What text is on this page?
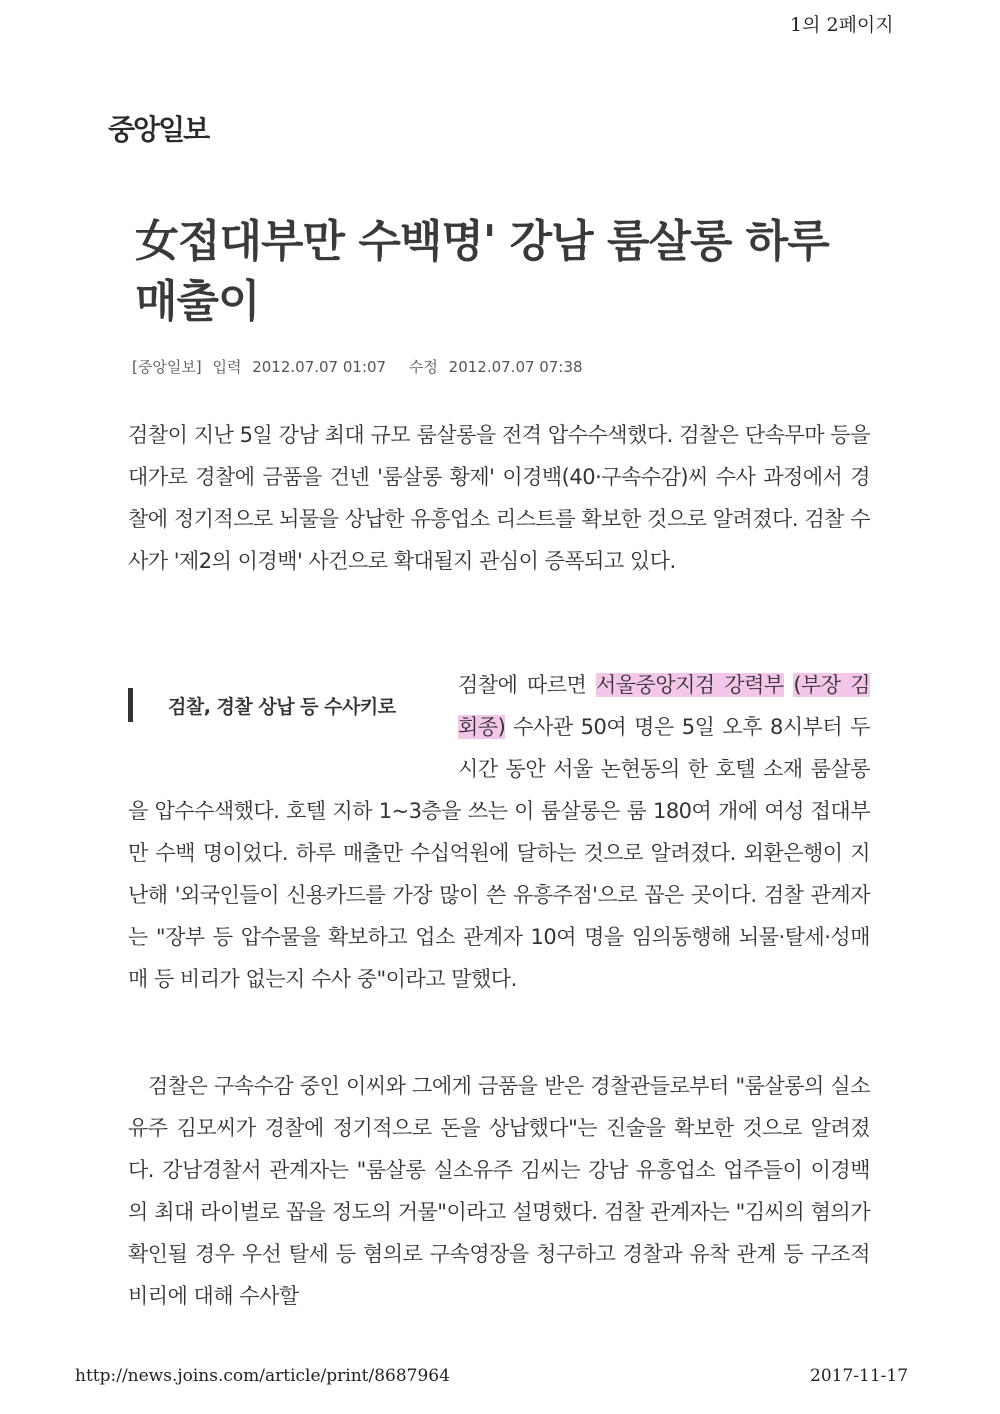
1의 2페이지
중앙일보
女접대부만 수백명' 강남 룸살롱 하루 매출이
[중앙일보] 입력 2012.07.07 01:07 수정 2012.07.07 07:38

검찰이 지난 5일 강남 최대 규모 룸살롱을 전격 압수수색했다. 검찰은 단속무마 등을 대가로 경찰에 금품을 건넨 '룸살롱 황제' 이경백(40·구속수감)씨 수사 과정에서 경찰에 정기적으로 뇌물을 상납한 유흥업소 리스트를 확보한 것으로 알려졌다. 검찰 수사가 '제2의 이경백' 사건으로 확대될지 관심이 증폭되고 있다.

검찰, 경찰 상납 등 수사키로
검찰에 따르면 서울중앙지검 강력부 (부장 김회종) 수사관 50여 명은 5일 오후 8시부터 두 시간 동안 서울 논현동의 한 호텔 소재 룸살롱을 압수수색했다. 호텔 지하 1~3층을 쓰는 이 룸살롱은 룸 180여 개에 여성 접대부만 수백 명이었다. 하루 매출만 수십억원에 달하는 것으로 알려졌다. 외환은행이 지난해 '외국인들이 신용카드를 가장 많이 쓴 유흥주점'으로 꼽은 곳이다. 검찰 관계자는 "장부 등 압수물을 확보하고 업소 관계자 10여 명을 임의동행해 뇌물·탈세·성매매 등 비리가 없는지 수사 중"이라고 말했다.

검찰은 구속수감 중인 이씨와 그에게 금품을 받은 경찰관들로부터 "룸살롱의 실소유주 김모씨가 경찰에 정기적으로 돈을 상납했다"는 진술을 확보한 것으로 알려졌다. 강남경찰서 관계자는 "룸살롱 실소유주 김씨는 강남 유흥업소 업주들이 이경백의 최대 라이벌로 꼽을 정도의 거물"이라고 설명했다. 검찰 관계자는 "김씨의 혐의가 확인될 경우 우선 탈세 등 혐의로 구속영장을 청구하고 경찰과 유착 관계 등 구조적 비리에 대해 수사할

http://news.joins.com/article/print/8687964	2017-11-17
